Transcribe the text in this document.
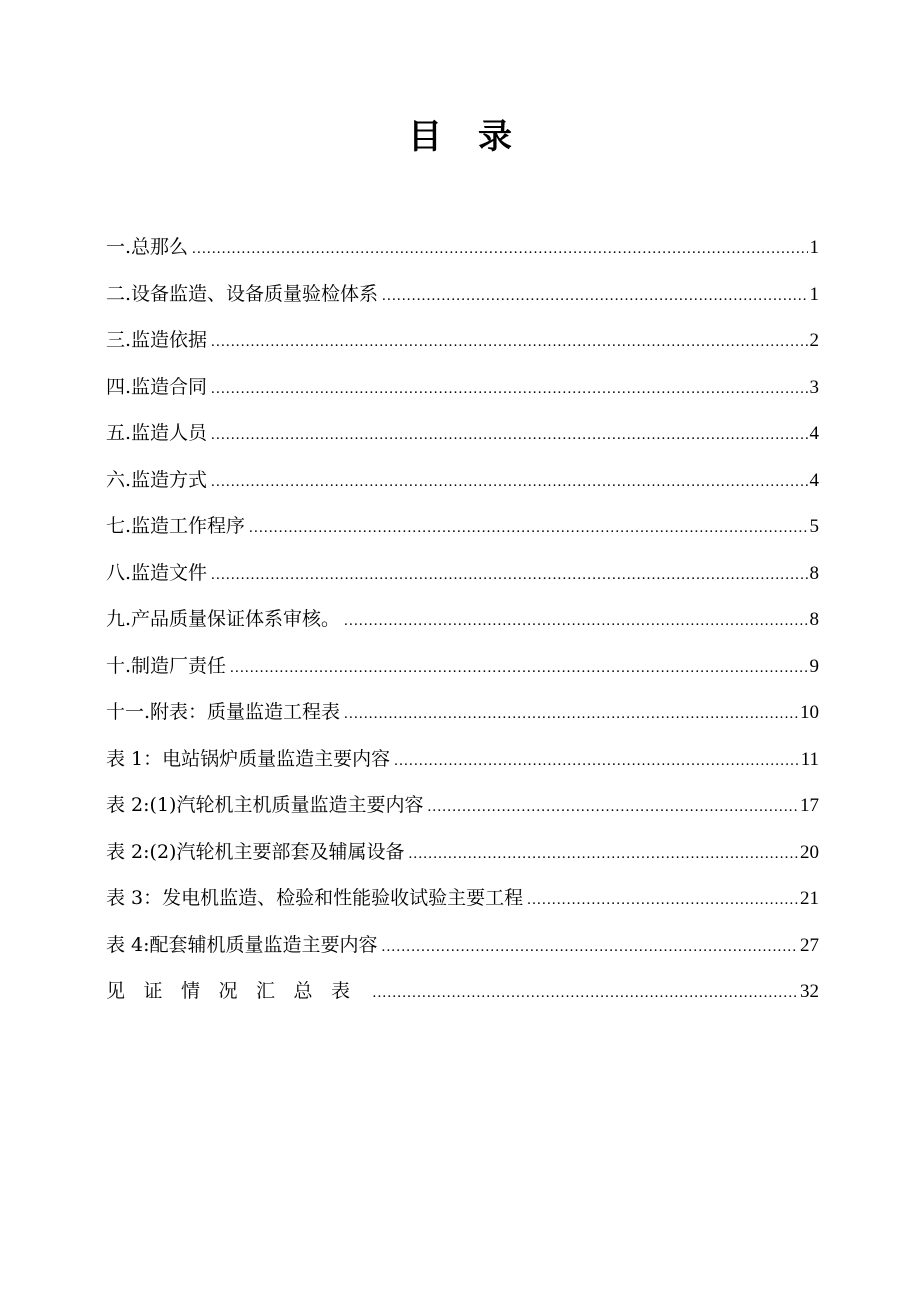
目录
一.总那么 .....	1
二.设备监造、设备质量验检体系 .....	1
三.监造依据 .....	2
四.监造合同 .....	3
五.监造人员 .....	4
六.监造方式 .....	4
七.监造工作程序 .....	5
八.监造文件 .....	8
九.产品质量保证体系审核。 .....	8
十.制造厂责任 .....	9
十一.附表：质量监造工程表 .....	10
表 1：电站锅炉质量监造主要内容 .....	11
表 2:(1)汽轮机主机质量监造主要内容 .....	17
表 2:(2)汽轮机主要部套及辅属设备 .....	20
表 3：发电机监造、检验和性能验收试验主要工程 .....	21
表 4:配套辅机质量监造主要内容 .....	27
见证情况汇总表 .....	32
